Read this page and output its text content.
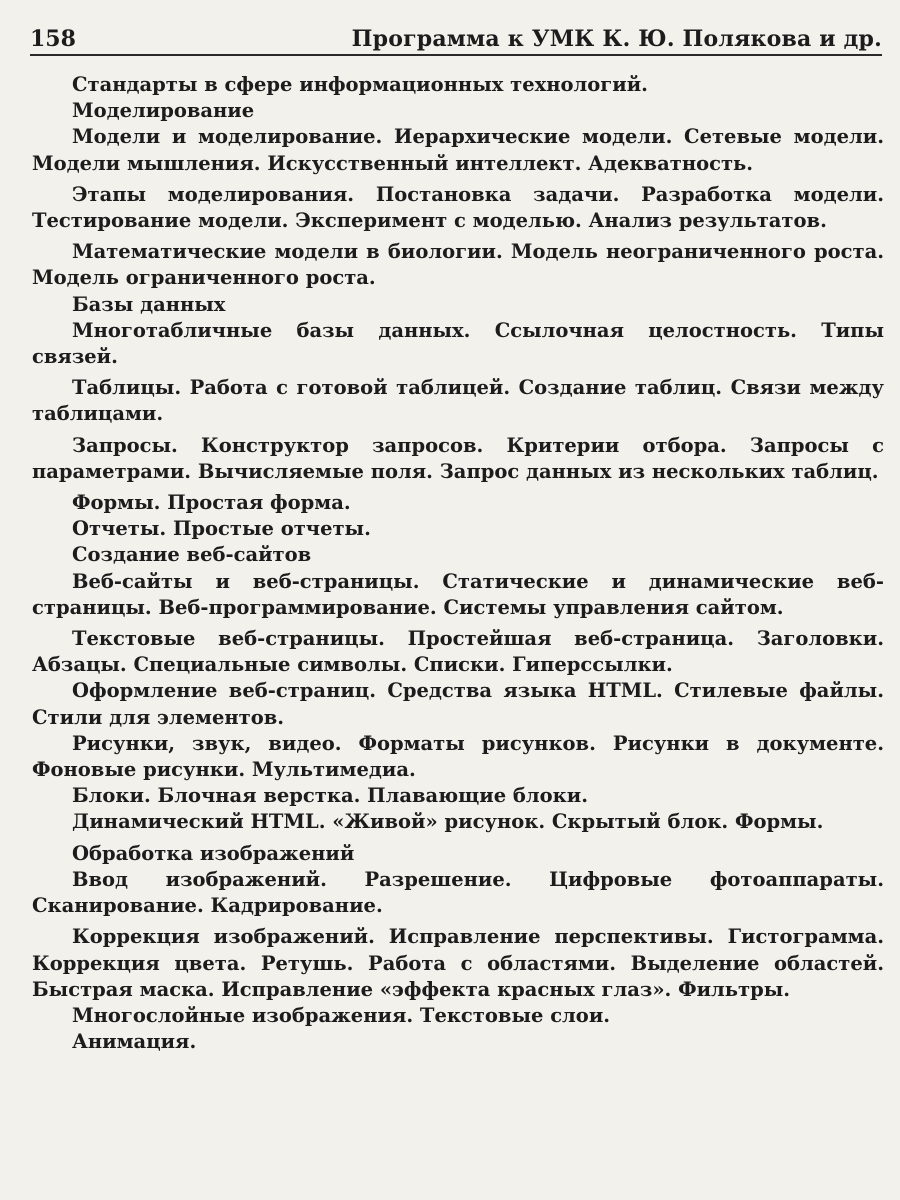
158	Программа к УМК К. Ю. Полякова и др.

Стандарты в сфере информационных технологий.

Моделирование

Модели и моделирование. Иерархические модели. Сетевые модели. Модели мышления. Искусственный интеллект. Адекватность.

Этапы моделирования. Постановка задачи. Разработка модели. Тестирование модели. Эксперимент с моделью. Анализ результатов.

Математические модели в биологии. Модель неограниченного роста. Модель ограниченного роста.

Базы данных

Многотабличные базы данных. Ссылочная целостность. Типы связей.

Таблицы. Работа с готовой таблицей. Создание таблиц. Связи между таблицами.

Запросы. Конструктор запросов. Критерии отбора. Запросы с параметрами. Вычисляемые поля. Запрос данных из нескольких таблиц.

Формы. Простая форма.

Отчеты. Простые отчеты.

Создание веб-сайтов

Веб-сайты и веб-страницы. Статические и динамические веб-страницы. Веб-программирование. Системы управления сайтом.

Текстовые веб-страницы. Простейшая веб-страница. Заголовки. Абзацы. Специальные символы. Списки. Гиперссылки.

Оформление веб-страниц. Средства языка HTML. Стилевые файлы. Стили для элементов.

Рисунки, звук, видео. Форматы рисунков. Рисунки в документе. Фоновые рисунки. Мультимедиа.

Блоки. Блочная верстка. Плавающие блоки.

Динамический HTML. «Живой» рисунок. Скрытый блок. Формы.

Обработка изображений

Ввод изображений. Разрешение. Цифровые фотоаппараты. Сканирование. Кадрирование.

Коррекция изображений. Исправление перспективы. Гистограмма. Коррекция цвета. Ретушь. Работа с областями. Выделение областей. Быстрая маска. Исправление «эффекта красных глаз». Фильтры.

Многослойные изображения. Текстовые слои.

Анимация.
